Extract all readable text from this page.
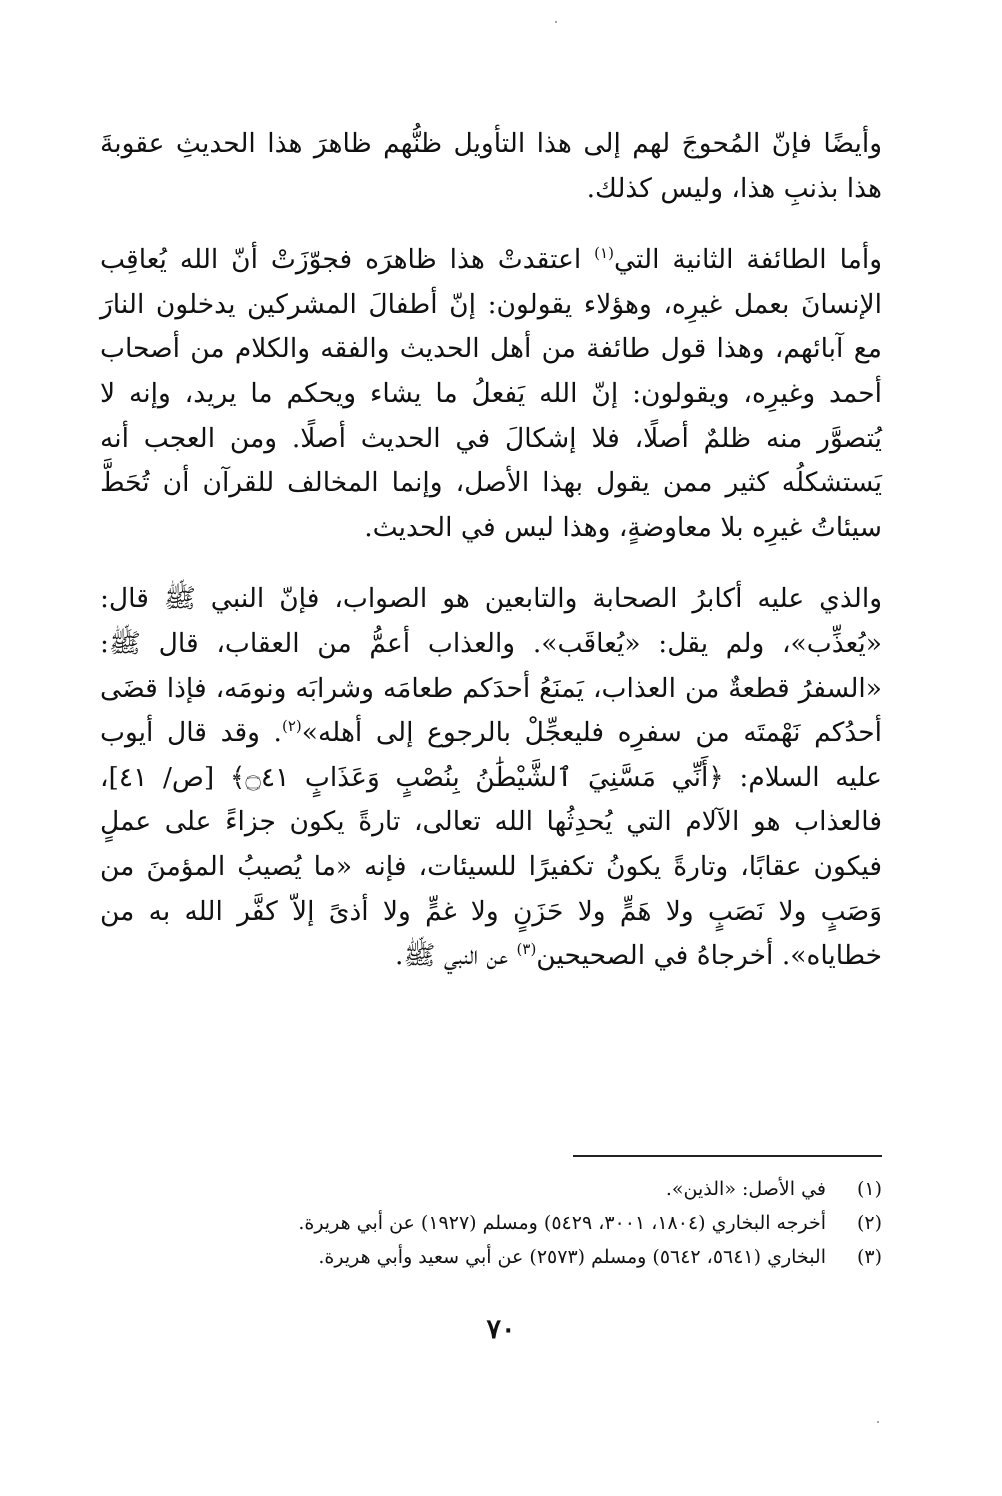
وأيضًا فإنّ المُحوجَ لهم إلى هذا التأويل ظنُّهم ظاهرَ هذا الحديثِ عقوبةَ هذا بذنبِ هذا، وليس كذلك.

وأما الطائفة الثانية التي$^{(١)}$ اعتقدتْ هذا ظاهرَه فجوّزَتْ أنّ الله يُعاقِب الإنسانَ بعمل غيرِه، وهؤلاء يقولون: إنّ أطفالَ المشركين يدخلون النارَ مع آبائهم، وهذا قول طائفة من أهل الحديث والفقه والكلام من أصحاب أحمد وغيرِه، ويقولون: إنّ الله يَفعلُ ما يشاء ويحكم ما يريد، وإنه لا يُتصوَّر منه ظلمٌ أصلًا، فلا إشكالَ في الحديث أصلًا. ومن العجب أنه يَستشكلُه كثير ممن يقول بهذا الأصل، وإنما المخالف للقرآن أن تُحَطَّ سيئاتُ غيرِه بلا معاوضةٍ، وهذا ليس في الحديث.

والذي عليه أكابرُ الصحابة والتابعين هو الصواب، فإنّ النبي ﷺ قال: «يُعذِّب»، ولم يقل: «يُعاقَب». والعذاب أعمُّ من العقاب، قال ﷺ: «السفرُ قطعةٌ من العذاب، يَمنَعُ أحدَكم طعامَه وشرابَه ونومَه، فإذا قضَى أحدُكم نَهْمتَه من سفرِه فليعجِّلْ بالرجوع إلى أهله»$^{(٢)}$. وقد قال أيوب عليه السلام: ﴿أَنِّي مَسَّنِيَ ٱلشَّيْطَٰنُ بِنُصْبٍ وَعَذَابٍ ۝٤١﴾ [ص/ ٤١]، فالعذاب هو الآلام التي يُحدِثُها الله تعالى، تارةً يكون جزاءً على عملٍ فيكون عقابًا، وتارةً يكونُ تكفيرًا للسيئات، فإنه «ما يُصيبُ المؤمنَ من وَصَبٍ ولا نَصَبٍ ولا هَمٍّ ولا حَزَنٍ ولا غمٍّ ولا أذىً إلاّ كفَّر الله به من خطاياه». أخرجاهُ في الصحيحين$^{(٣)}$ عن النبي ﷺ.

(١)
في الأصل: «الذين».
(٢)
أخرجه البخاري (١٨٠٤، ٣٠٠١، ٥٤٢٩) ومسلم (١٩٢٧) عن أبي هريرة.
(٣)
البخاري (٥٦٤١، ٥٦٤٢) ومسلم (٢٥٧٣) عن أبي سعيد وأبي هريرة.
٧٠
